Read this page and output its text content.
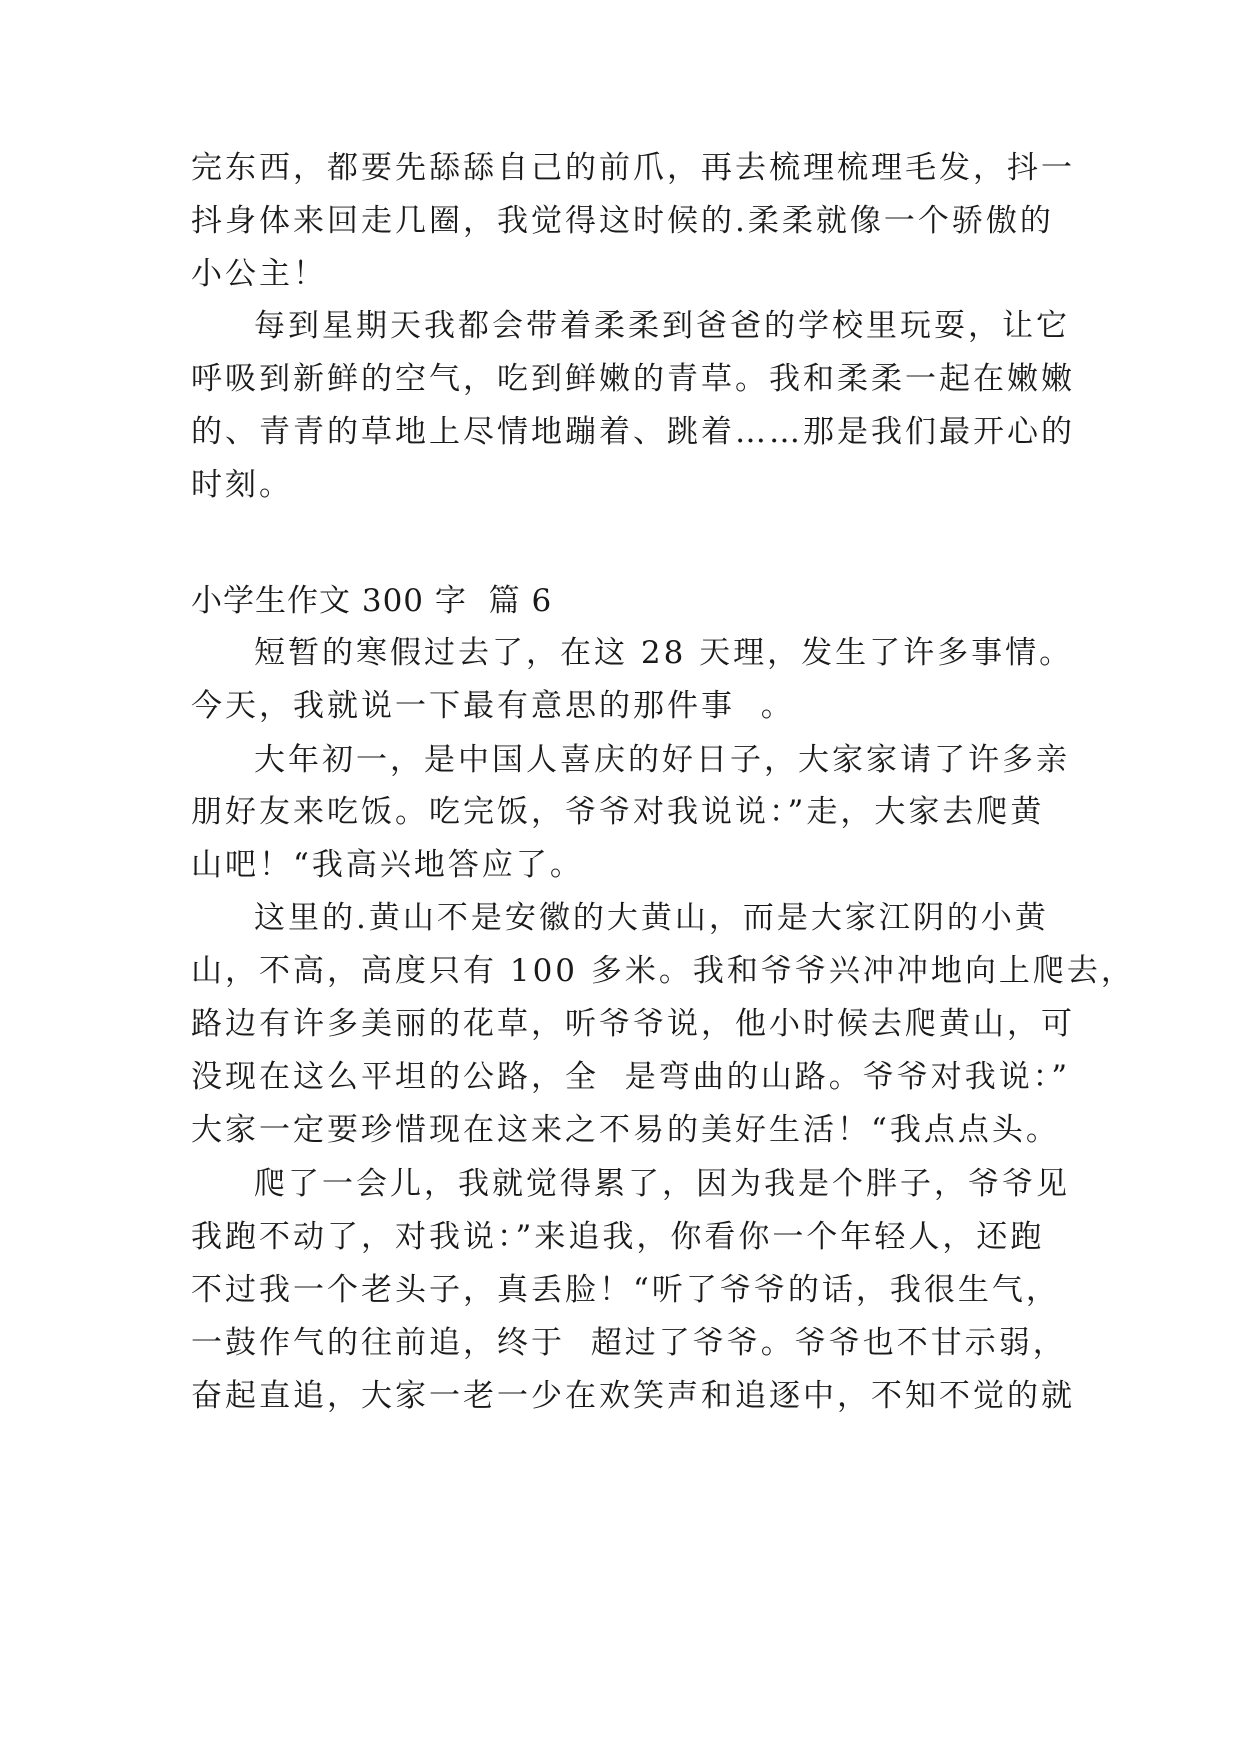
完东西，都要先舔舔自己的前爪，再去梳理梳理毛发，抖一
抖身体来回走几圈，我觉得这时候的.柔柔就像一个骄傲的
小公主！
每到星期天我都会带着柔柔到爸爸的学校里玩耍，让它
呼吸到新鲜的空气，吃到鲜嫩的青草。我和柔柔一起在嫩嫩
的、青青的草地上尽情地蹦着、跳着……那是我们最开心的
时刻。
小学生作文 300 字  篇 6
短暂的寒假过去了，在这 28 天理，发生了许多事情。
今天，我就说一下最有意思的那件事  。
大年初一，是中国人喜庆的好日子，大家家请了许多亲
朋好友来吃饭。吃完饭，爷爷对我说说：”走，大家去爬黄
山吧！“我高兴地答应了。
这里的.黄山不是安徽的大黄山，而是大家江阴的小黄
山，不高，高度只有 100 多米。我和爷爷兴冲冲地向上爬去，
路边有许多美丽的花草，听爷爷说，他小时候去爬黄山，可
没现在这么平坦的公路，全  是弯曲的山路。爷爷对我说：”
大家一定要珍惜现在这来之不易的美好生活！“我点点头。
爬了一会儿，我就觉得累了，因为我是个胖子，爷爷见
我跑不动了，对我说：”来追我，你看你一个年轻人，还跑
不过我一个老头子，真丢脸！“听了爷爷的话，我很生气，
一鼓作气的往前追，终于  超过了爷爷。爷爷也不甘示弱，
奋起直追，大家一老一少在欢笑声和追逐中，不知不觉的就
